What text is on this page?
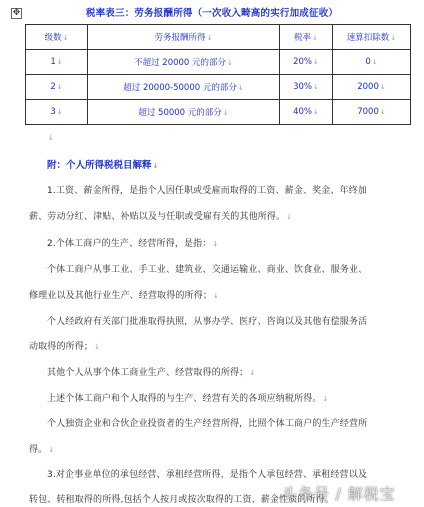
✥	税率表三：劳务报酬所得（一次收入畸高的实行加成征收）
级数↓	劳务报酬所得↓	税率↓	速算扣除数↓
1↓	不超过 20000 元的部分↓	20%↓	0↓
2↓	超过 20000-50000 元的部分↓	30%↓	2000↓
3↓	超过 50000 元的部分↓	40%↓	7000↓
↓
附：个人所得税税目解释↓
1.工资、薪金所得，是指个人因任职或受雇而取得的工资、薪金、奖金、年终加
薪、劳动分红、津贴、补贴以及与任职或受雇有关的其他所得。↓
2.个体工商户的生产、经营所得，是指：↓
个体工商户从事工业、手工业、建筑业、交通运输业、商业、饮食业、服务业、
修理业以及其他行业生产、经营取得的所得；↓
个人经政府有关部门批准取得执照，从事办学、医疗、咨询以及其他有偿服务活
动取得的所得；↓
其他个人从事个体工商业生产、经营取得的所得；↓
上述个体工商户和个人取得的与生产、经营有关的各项应纳税所得。↓
个人独资企业和合伙企业投资者的生产经营所得，比照个体工商户的生产经营所
得。↓
3.对企事业单位的承包经营、承租经营所得，是指个人承包经营、承租经营以及
转包、转租取得的所得,包括个人按月或按次取得的工资、薪金性质的所得。
头条号 / 解税宝
